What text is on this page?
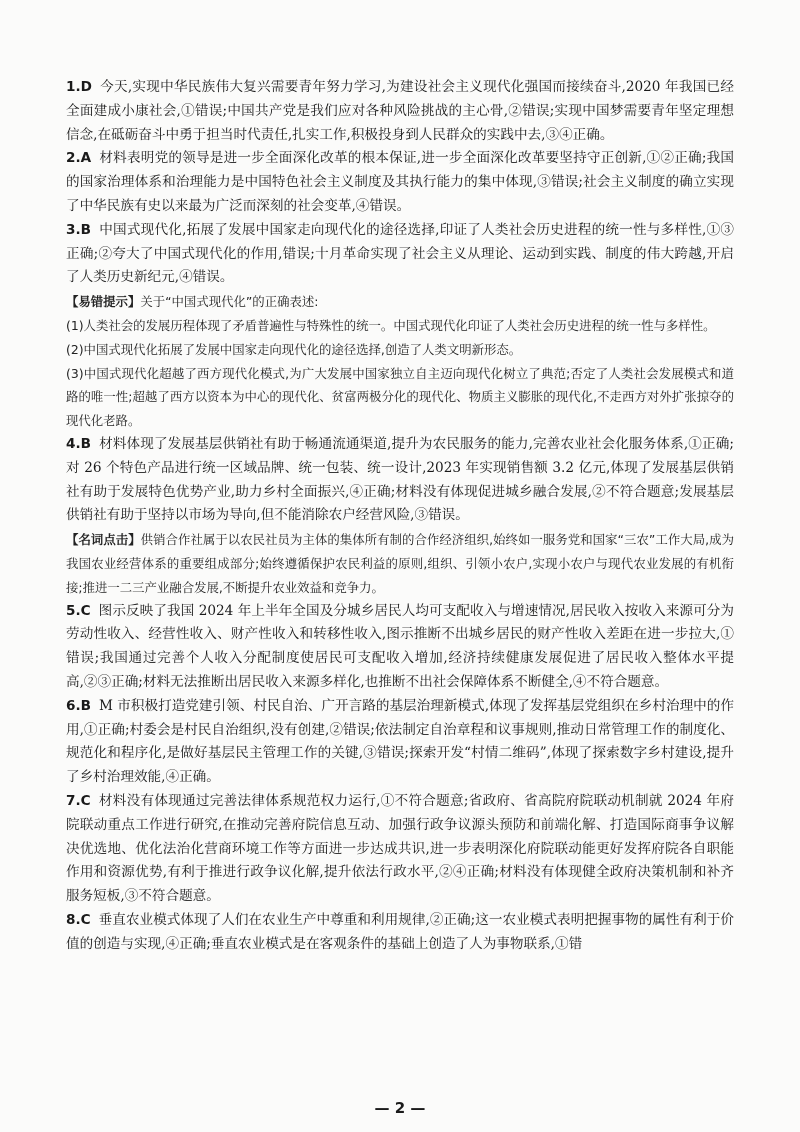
1.D 今天,实现中华民族伟大复兴需要青年努力学习,为建设社会主义现代化强国而接续奋斗,2020 年我国已经全面建成小康社会,①错误;中国共产党是我们应对各种风险挑战的主心骨,②错误;实现中国梦需要青年坚定理想信念,在砥砺奋斗中勇于担当时代责任,扎实工作,积极投身到人民群众的实践中去,③④正确。
2.A 材料表明党的领导是进一步全面深化改革的根本保证,进一步全面深化改革要坚持守正创新,①②正确;我国的国家治理体系和治理能力是中国特色社会主义制度及其执行能力的集中体现,③错误;社会主义制度的确立实现了中华民族有史以来最为广泛而深刻的社会变革,④错误。
3.B 中国式现代化,拓展了发展中国家走向现代化的途径选择,印证了人类社会历史进程的统一性与多样性,①③正确;②夸大了中国式现代化的作用,错误;十月革命实现了社会主义从理论、运动到实践、制度的伟大跨越,开启了人类历史新纪元,④错误。
【易错提示】关于“中国式现代化”的正确表述:
(1)人类社会的发展历程体现了矛盾普遍性与特殊性的统一。中国式现代化印证了人类社会历史进程的统一性与多样性。
(2)中国式现代化拓展了发展中国家走向现代化的途径选择,创造了人类文明新形态。
(3)中国式现代化超越了西方现代化模式,为广大发展中国家独立自主迈向现代化树立了典范;否定了人类社会发展模式和道路的唯一性;超越了西方以资本为中心的现代化、贫富两极分化的现代化、物质主义膨胀的现代化,不走西方对外扩张掠夺的现代化老路。
4.B 材料体现了发展基层供销社有助于畅通流通渠道,提升为农民服务的能力,完善农业社会化服务体系,①正确;对 26 个特色产品进行统一区域品牌、统一包装、统一设计,2023 年实现销售额 3.2 亿元,体现了发展基层供销社有助于发展特色优势产业,助力乡村全面振兴,④正确;材料没有体现促进城乡融合发展,②不符合题意;发展基层供销社有助于坚持以市场为导向,但不能消除农户经营风险,③错误。
【名词点击】供销合作社属于以农民社员为主体的集体所有制的合作经济组织,始终如一服务党和国家“三农”工作大局,成为我国农业经营体系的重要组成部分;始终遵循保护农民利益的原则,组织、引领小农户,实现小农户与现代农业发展的有机衔接;推进一二三产业融合发展,不断提升农业效益和竞争力。
5.C 图示反映了我国 2024 年上半年全国及分城乡居民人均可支配收入与增速情况,居民收入按收入来源可分为劳动性收入、经营性收入、财产性收入和转移性收入,图示推断不出城乡居民的财产性收入差距在进一步拉大,①错误;我国通过完善个人收入分配制度使居民可支配收入增加,经济持续健康发展促进了居民收入整体水平提高,②③正确;材料无法推断出居民收入来源多样化,也推断不出社会保障体系不断健全,④不符合题意。
6.B M 市积极打造党建引领、村民自治、广开言路的基层治理新模式,体现了发挥基层党组织在乡村治理中的作用,①正确;村委会是村民自治组织,没有创建,②错误;依法制定自治章程和议事规则,推动日常管理工作的制度化、规范化和程序化,是做好基层民主管理工作的关键,③错误;探索开发“村情二维码”,体现了探索数字乡村建设,提升了乡村治理效能,④正确。
7.C 材料没有体现通过完善法律体系规范权力运行,①不符合题意;省政府、省高院府院联动机制就 2024 年府院联动重点工作进行研究,在推动完善府院信息互动、加强行政争议源头预防和前端化解、打造国际商事争议解决优选地、优化法治化营商环境工作等方面进一步达成共识,进一步表明深化府院联动能更好发挥府院各自职能作用和资源优势,有利于推进行政争议化解,提升依法行政水平,②④正确;材料没有体现健全政府决策机制和补齐服务短板,③不符合题意。
8.C 垂直农业模式体现了人们在农业生产中尊重和利用规律,②正确;这一农业模式表明把握事物的属性有利于价值的创造与实现,④正确;垂直农业模式是在客观条件的基础上创造了人为事物联系,①错
— 2 —
